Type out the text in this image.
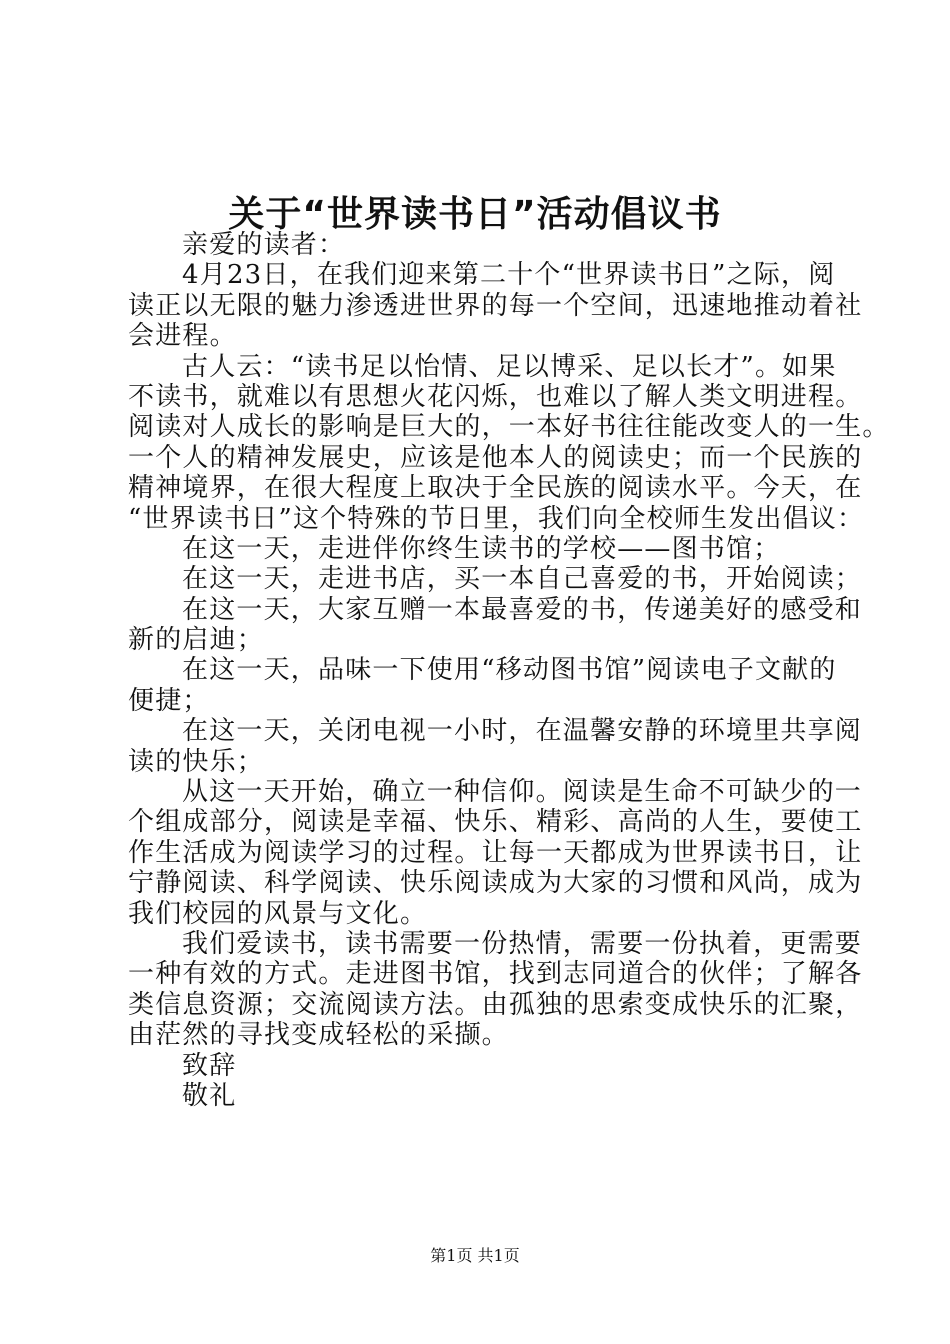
关于“世界读书日”活动倡议书
亲爱的读者：
4月23日，在我们迎来第二十个“世界读书日”之际，阅
读正以无限的魅力渗透进世界的每一个空间，迅速地推动着社
会进程。
古人云：“读书足以怡情、足以博采、足以长才”。如果
不读书，就难以有思想火花闪烁，也难以了解人类文明进程。
阅读对人成长的影响是巨大的，一本好书往往能改变人的一生。
一个人的精神发展史，应该是他本人的阅读史；而一个民族的
精神境界，在很大程度上取决于全民族的阅读水平。今天，在
“世界读书日”这个特殊的节日里，我们向全校师生发出倡议：
在这一天，走进伴你终生读书的学校——图书馆；
在这一天，走进书店，买一本自己喜爱的书，开始阅读；
在这一天，大家互赠一本最喜爱的书，传递美好的感受和
新的启迪；
在这一天，品味一下使用“移动图书馆”阅读电子文献的
便捷；
在这一天，关闭电视一小时，在温馨安静的环境里共享阅
读的快乐；
从这一天开始，确立一种信仰。阅读是生命不可缺少的一
个组成部分，阅读是幸福、快乐、精彩、高尚的人生，要使工
作生活成为阅读学习的过程。让每一天都成为世界读书日，让
宁静阅读、科学阅读、快乐阅读成为大家的习惯和风尚，成为
我们校园的风景与文化。
我们爱读书，读书需要一份热情，需要一份执着，更需要
一种有效的方式。走进图书馆，找到志同道合的伙伴；了解各
类信息资源；交流阅读方法。由孤独的思索变成快乐的汇聚，
由茫然的寻找变成轻松的采撷。
致辞
敬礼
第1页 共1页
